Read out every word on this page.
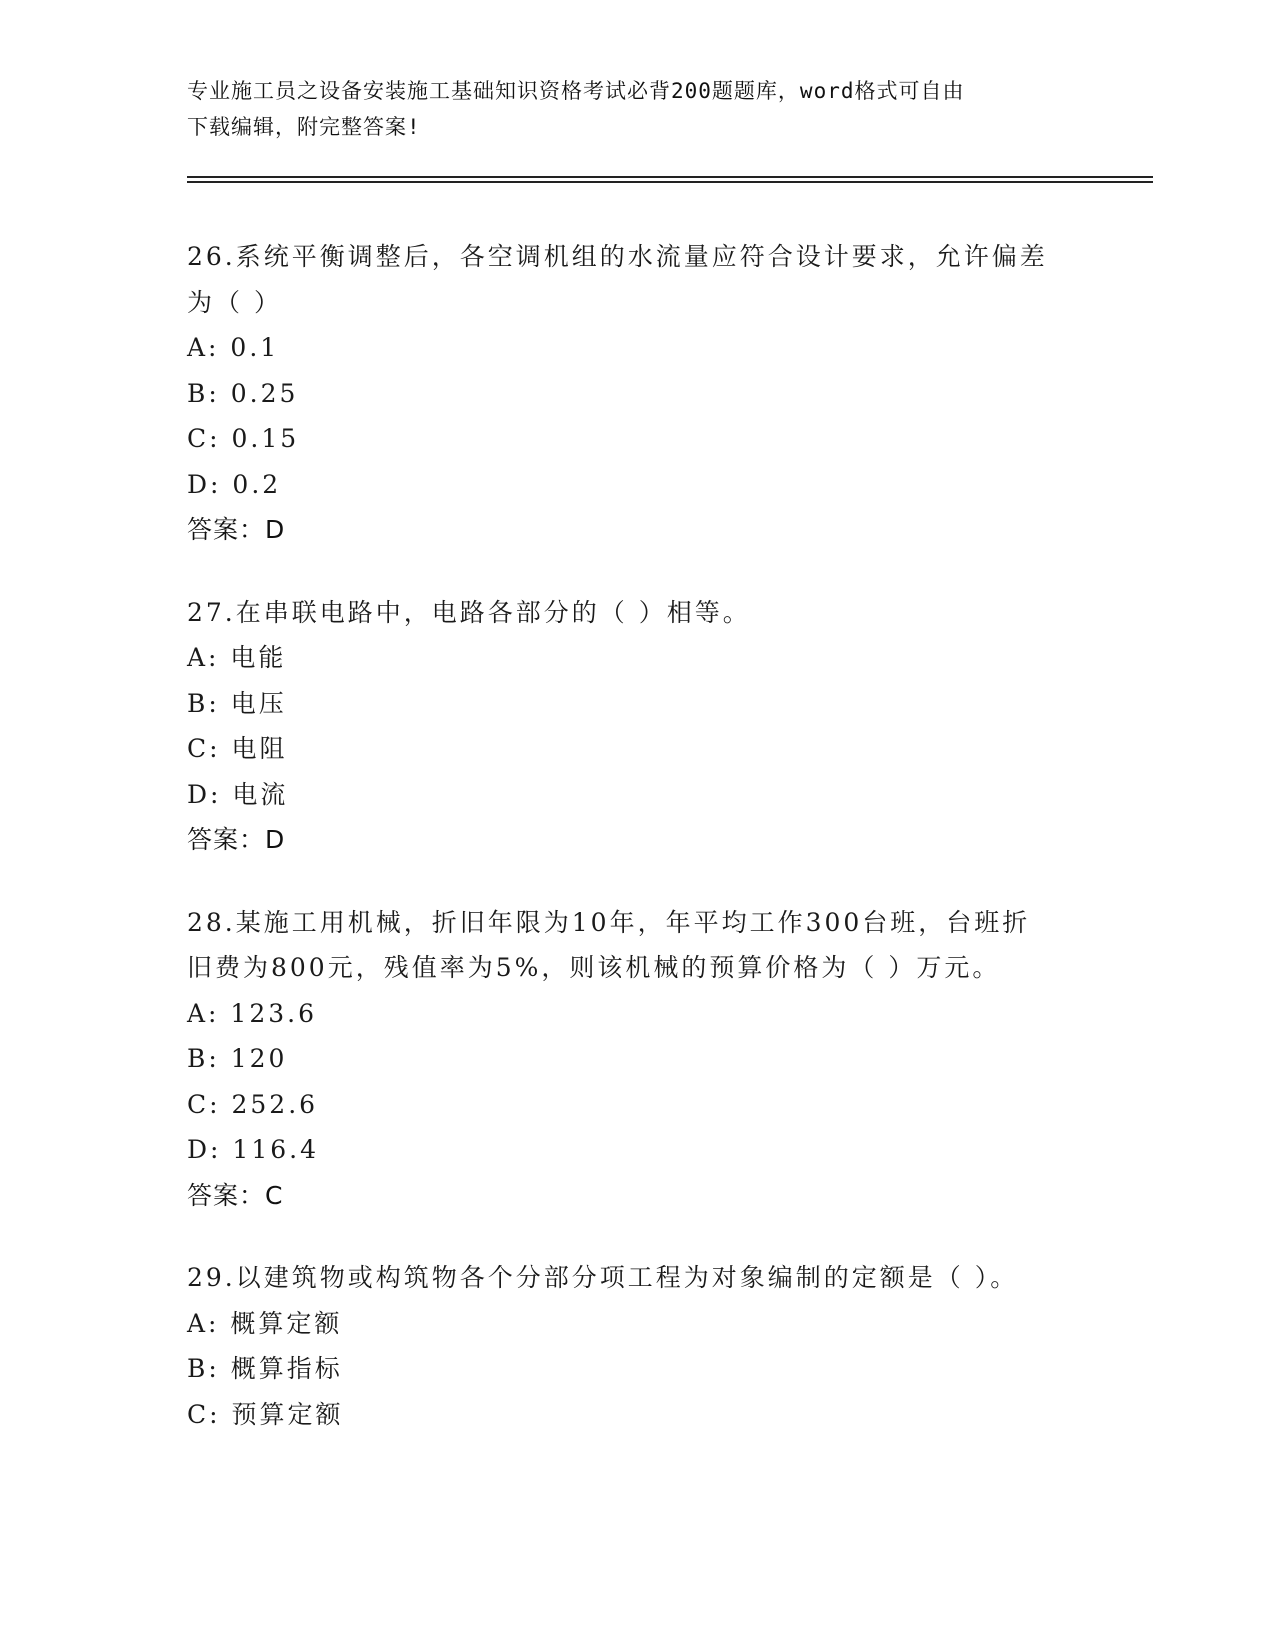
专业施工员之设备安装施工基础知识资格考试必背200题题库，word格式可自由
下载编辑，附完整答案!
26.系统平衡调整后，各空调机组的水流量应符合设计要求，允许偏差
为（ ）
A: 0.1
B: 0.25
C: 0.15
D: 0.2
答案：D
27.在串联电路中，电路各部分的（ ）相等。
A: 电能
B: 电压
C: 电阻
D: 电流
答案：D
28.某施工用机械，折旧年限为10年，年平均工作300台班，台班折
旧费为800元，残值率为5%，则该机械的预算价格为（ ）万元。
A: 123.6
B: 120
C: 252.6
D: 116.4
答案：C
29.以建筑物或构筑物各个分部分项工程为对象编制的定额是（ ）。
A: 概算定额
B: 概算指标
C: 预算定额
